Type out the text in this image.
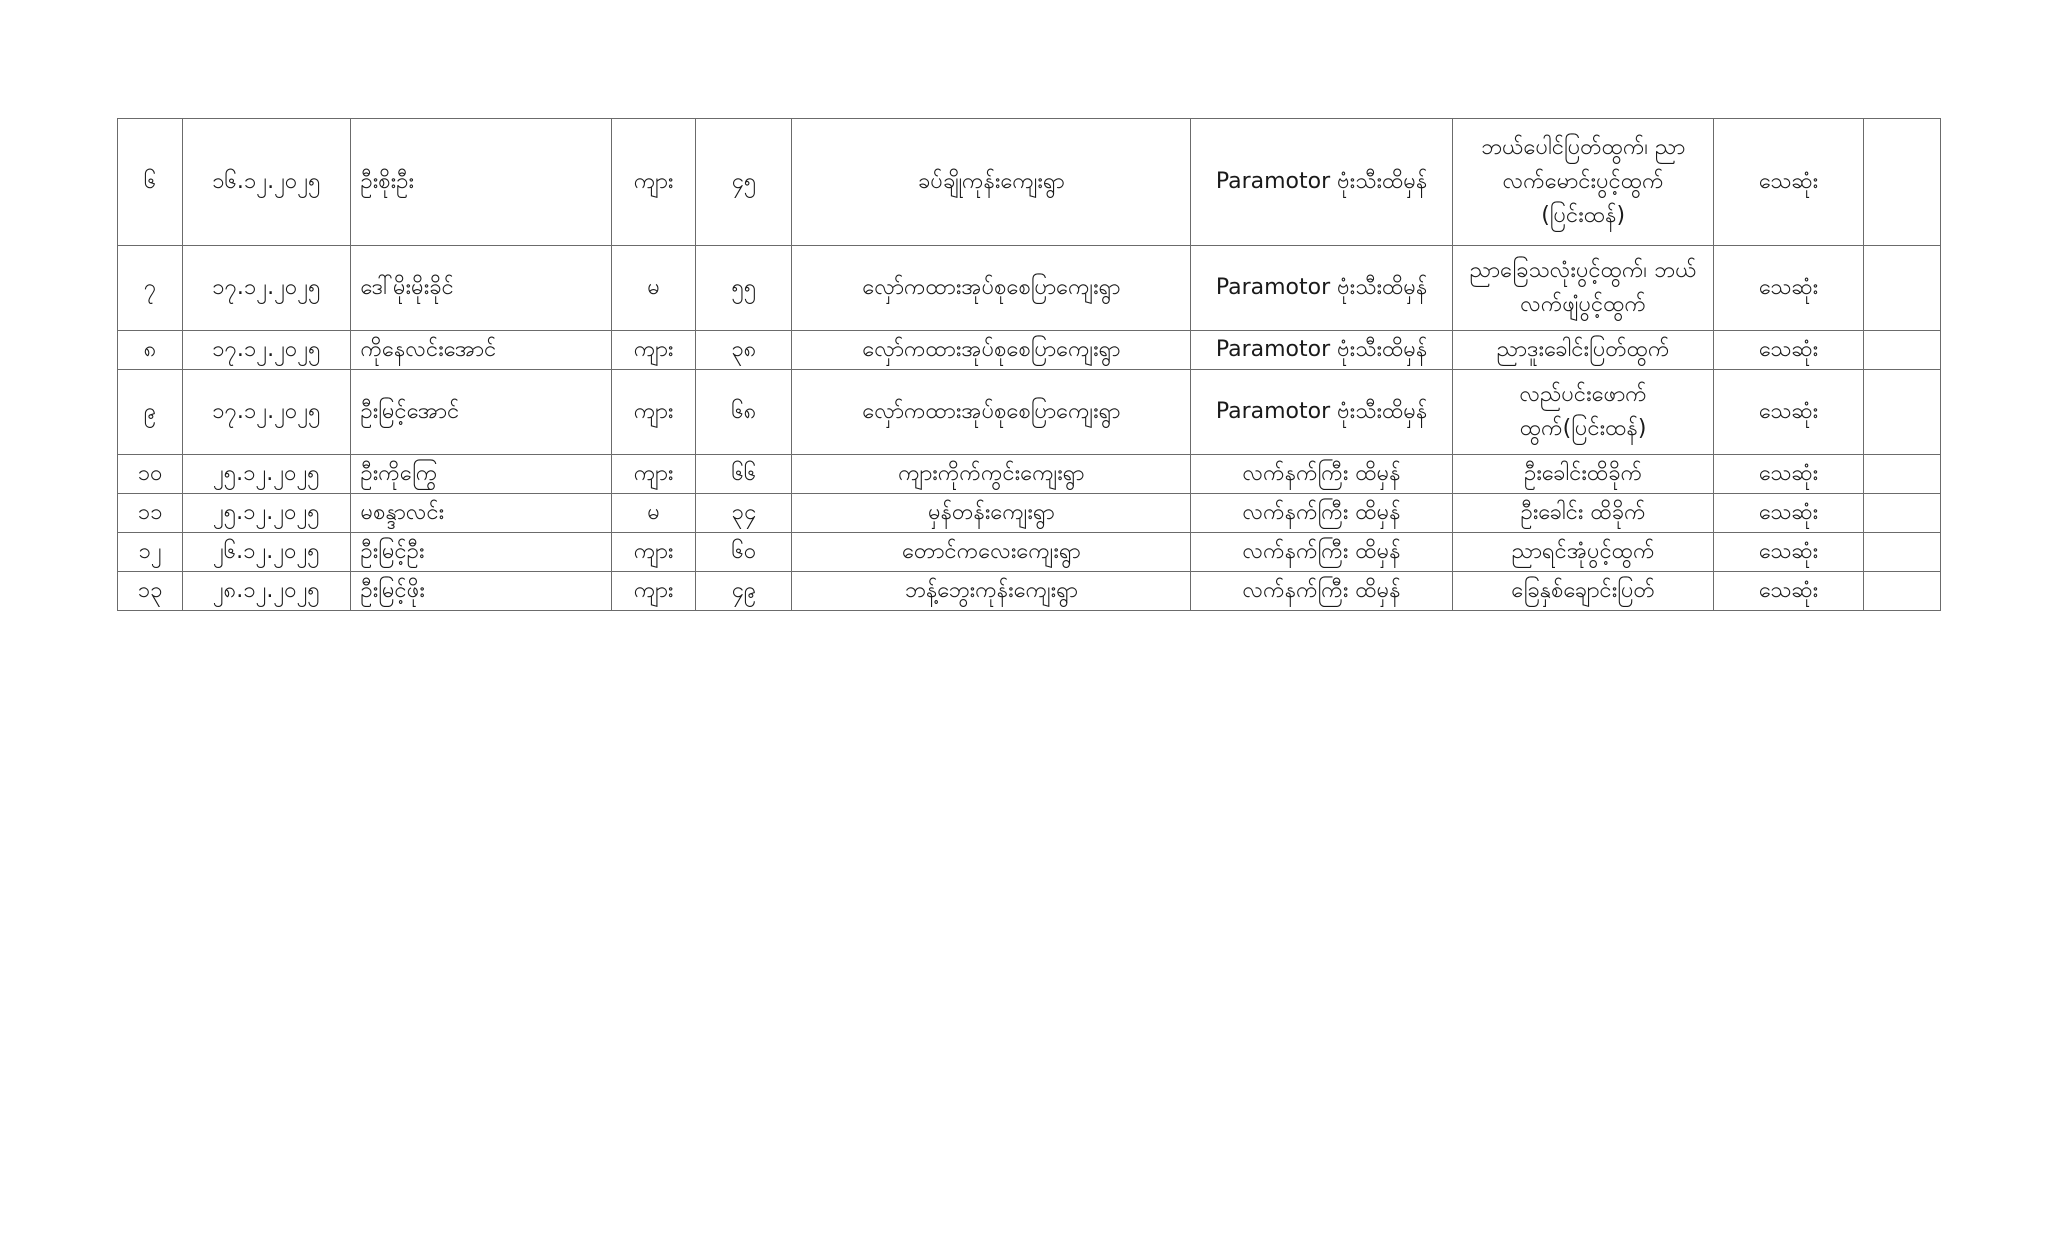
၆	၁၆.၁၂.၂၀၂၅	ဦးစိုးဦး	ကျား	၄၅	ခပ်ချိုကုန်းကျေးရွာ	Paramotor ဗုံးသီးထိမှန်	ဘယ်ပေါင်ပြတ်ထွက်၊ ညာလက်မောင်းပွင့်ထွက် (ပြင်းထန်)	သေဆုံး	
၇	၁၇.၁၂.၂၀၂၅	ဒေါ်မိုးမိုးခိုင်	မ	၅၅	လှော်ကထားအုပ်စုစေပြာကျေးရွာ	Paramotor ဗုံးသီးထိမှန်	ညာခြေသလုံးပွင့်ထွက်၊ ဘယ်လက်ဖျံပွင့်ထွက်	သေဆုံး	
၈	၁၇.၁၂.၂၀၂၅	ကိုနေလင်းအောင်	ကျား	၃၈	လှော်ကထားအုပ်စုစေပြာကျေးရွာ	Paramotor ဗုံးသီးထိမှန်	ညာဒူးခေါင်းပြတ်ထွက်	သေဆုံး	
၉	၁၇.၁၂.၂၀၂၅	ဦးမြင့်အောင်	ကျား	၆၈	လှော်ကထားအုပ်စုစေပြာကျေးရွာ	Paramotor ဗုံးသီးထိမှန်	လည်ပင်းဖောက်ထွက်(ပြင်းထန်)	သေဆုံး	
၁၀	၂၅.၁၂.၂၀၂၅	ဦးကိုကြွေ	ကျား	၆၆	ကျားကိုက်ကွင်းကျေးရွာ	လက်နက်ကြီး ထိမှန်	ဦးခေါင်းထိခိုက်	သေဆုံး	
၁၁	၂၅.၁၂.၂၀၂၅	မစန္ဒာလင်း	မ	၃၄	မှန်တန်းကျေးရွာ	လက်နက်ကြီး ထိမှန်	ဦးခေါင်း ထိခိုက်	သေဆုံး	
၁၂	၂၆.၁၂.၂၀၂၅	ဦးမြင့်ဦး	ကျား	၆၀	တောင်ကလေးကျေးရွာ	လက်နက်ကြီး ထိမှန်	ညာရင်အုံပွင့်ထွက်	သေဆုံး	
၁၃	၂၈.၁၂.၂၀၂၅	ဦးမြင့်ဖိုး	ကျား	၄၉	ဘန့်ဘွေးကုန်းကျေးရွာ	လက်နက်ကြီး ထိမှန်	ခြေနှစ်ချောင်းပြတ်	သေဆုံး	
